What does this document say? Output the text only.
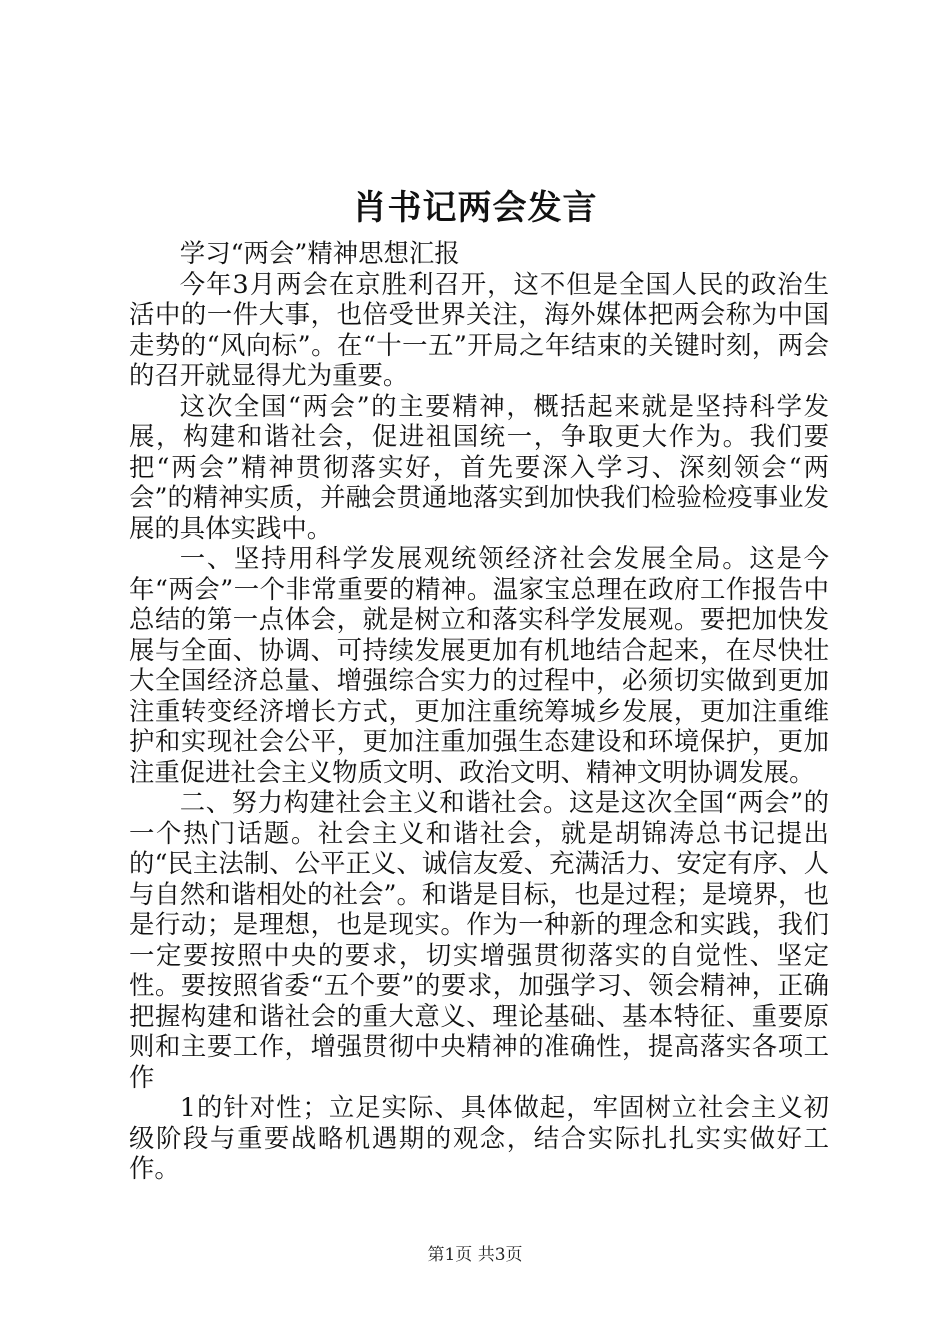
肖书记两会发言

学习“两会”精神思想汇报

今年3月两会在京胜利召开，这不但是全国人民的政治生活中的一件大事，也倍受世界关注，海外媒体把两会称为中国走势的“风向标”。在“十一五”开局之年结束的关键时刻，两会的召开就显得尤为重要。

这次全国“两会”的主要精神，概括起来就是坚持科学发展，构建和谐社会，促进祖国统一，争取更大作为。我们要把“两会”精神贯彻落实好，首先要深入学习、深刻领会“两会”的精神实质，并融会贯通地落实到加快我们检验检疫事业发展的具体实践中。

一、坚持用科学发展观统领经济社会发展全局。这是今年“两会”一个非常重要的精神。温家宝总理在政府工作报告中总结的第一点体会，就是树立和落实科学发展观。要把加快发展与全面、协调、可持续发展更加有机地结合起来，在尽快壮大全国经济总量、增强综合实力的过程中，必须切实做到更加注重转变经济增长方式，更加注重统筹城乡发展，更加注重维护和实现社会公平，更加注重加强生态建设和环境保护，更加注重促进社会主义物质文明、政治文明、精神文明协调发展。

二、努力构建社会主义和谐社会。这是这次全国“两会”的一个热门话题。社会主义和谐社会，就是胡锦涛总书记提出的“民主法制、公平正义、诚信友爱、充满活力、安定有序、人与自然和谐相处的社会”。和谐是目标，也是过程；是境界，也是行动；是理想，也是现实。作为一种新的理念和实践，我们一定要按照中央的要求，切实增强贯彻落实的自觉性、坚定性。要按照省委“五个要”的要求，加强学习、领会精神，正确把握构建和谐社会的重大意义、理论基础、基本特征、重要原则和主要工作，增强贯彻中央精神的准确性，提高落实各项工作

1的针对性；立足实际、具体做起，牢固树立社会主义初级阶段与重要战略机遇期的观念，结合实际扎扎实实做好工作。

第1页 共3页
